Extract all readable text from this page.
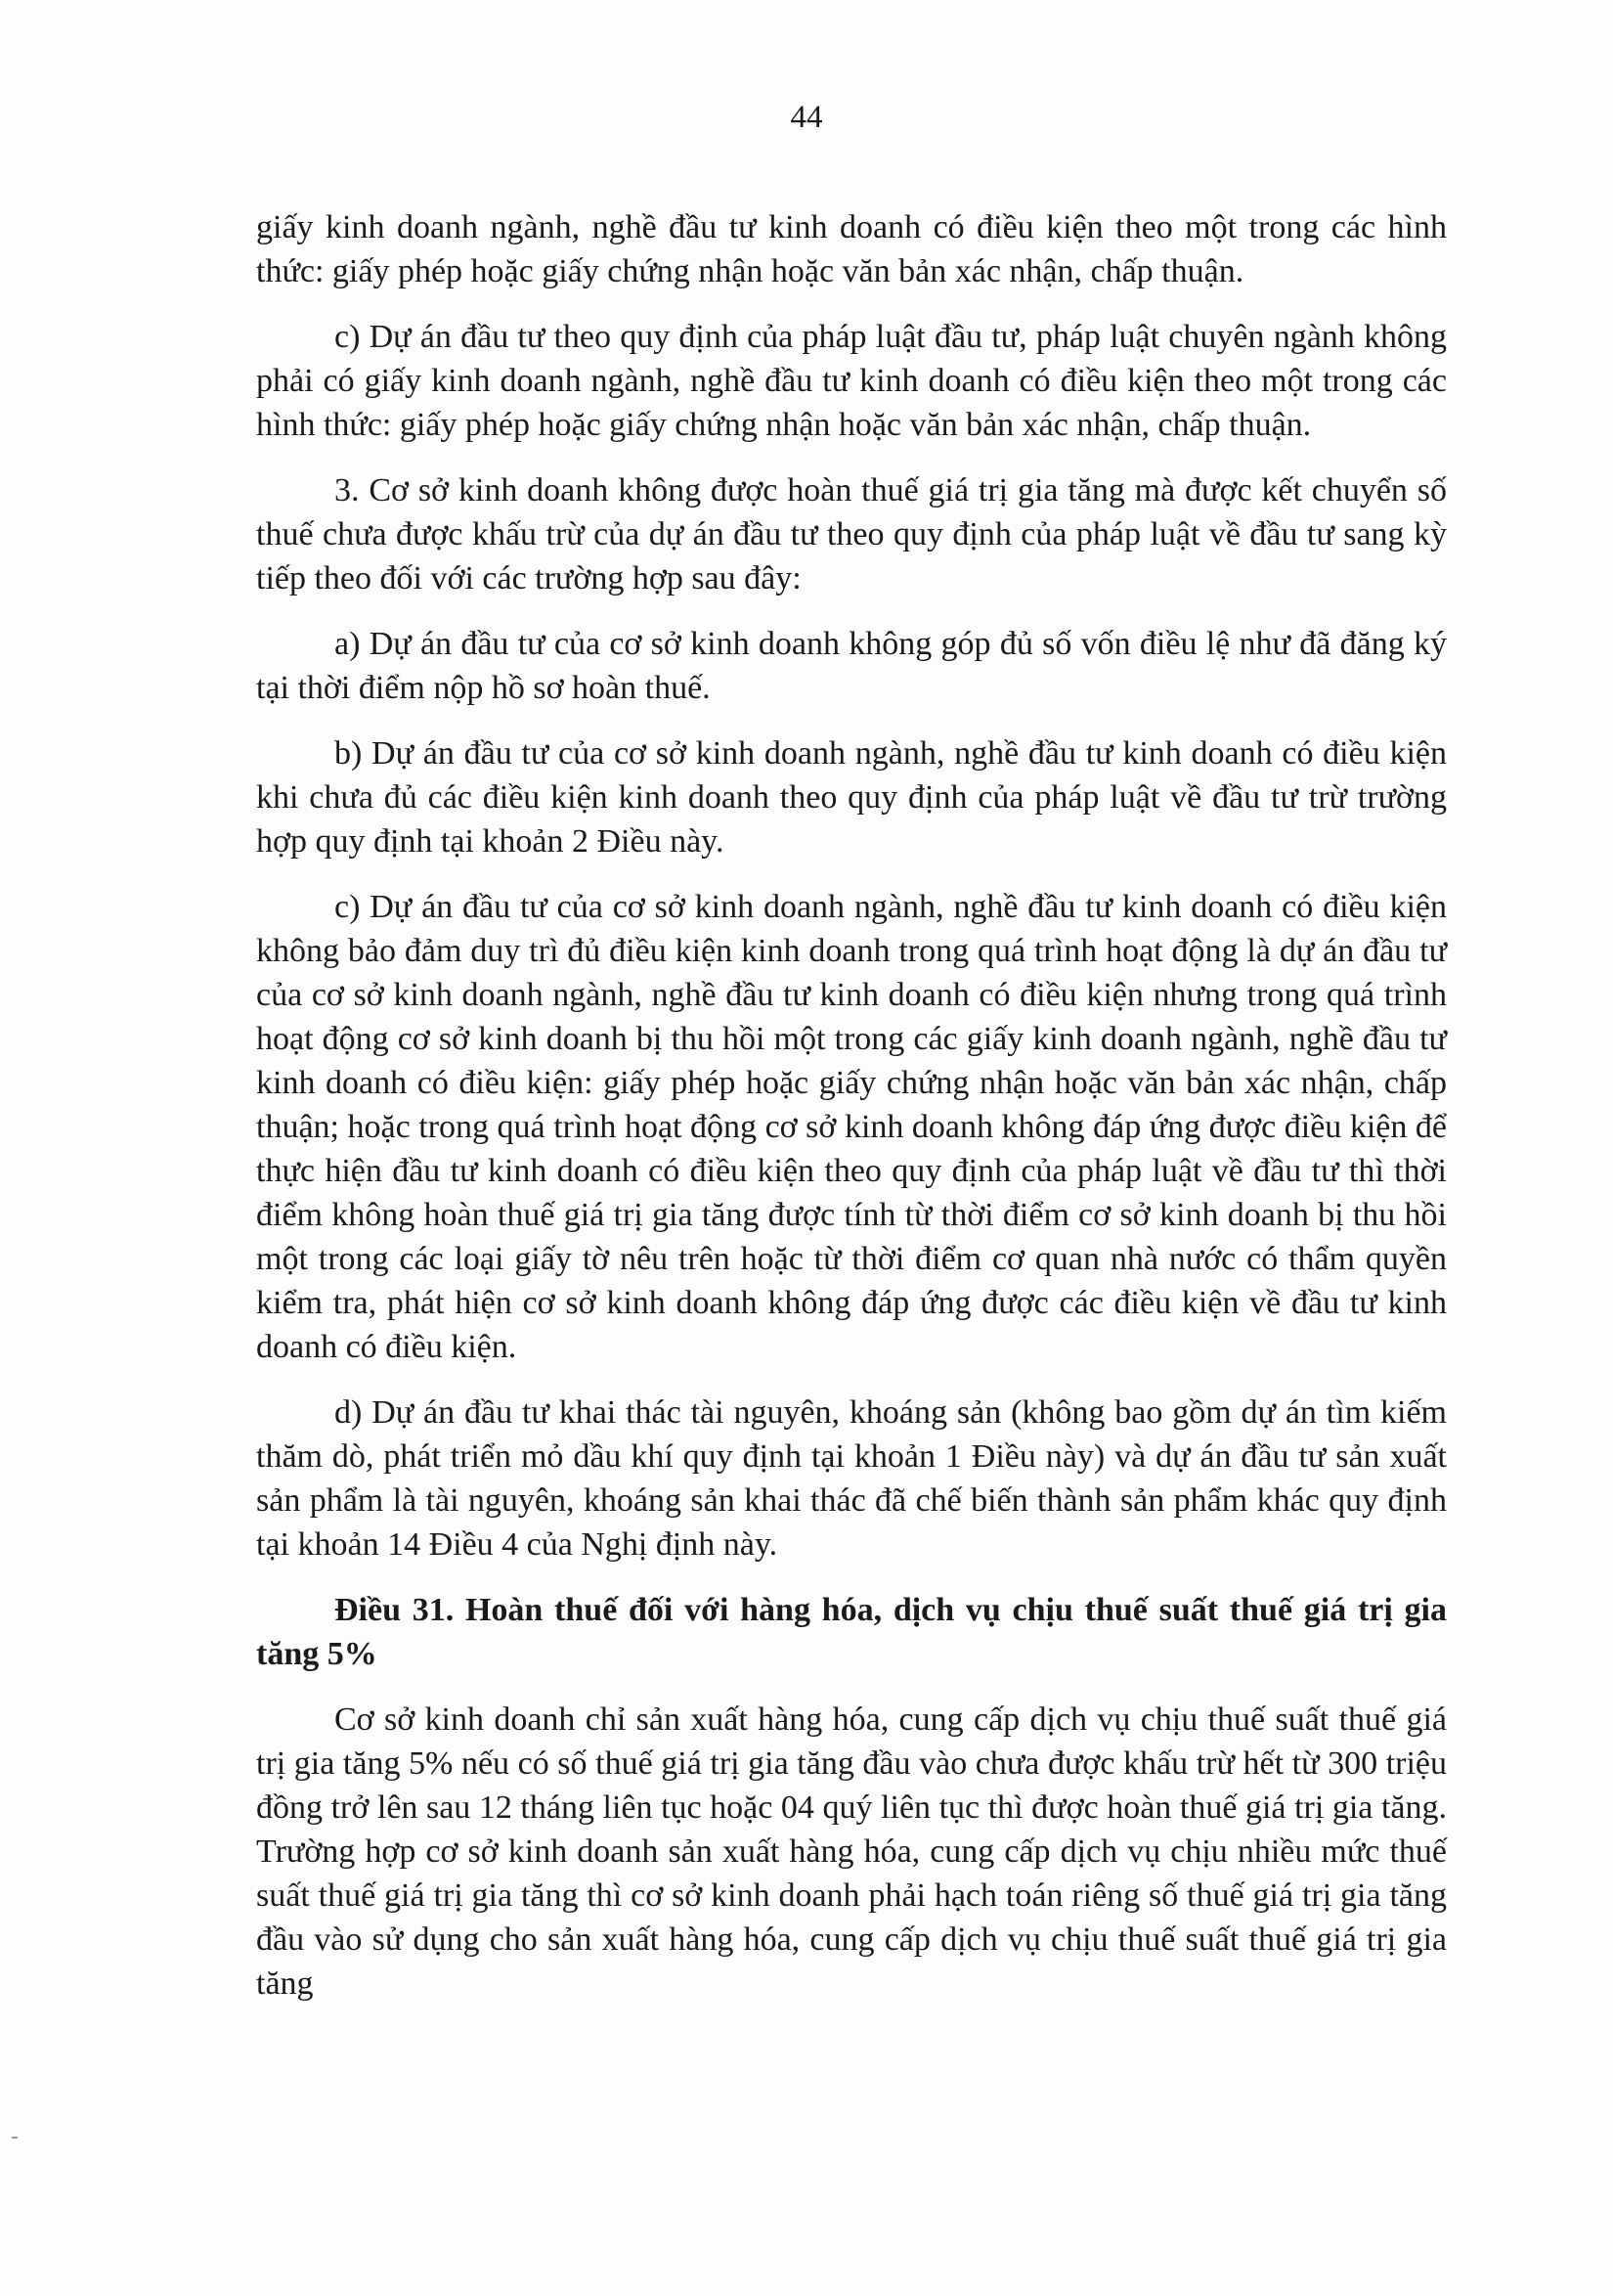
44

giấy kinh doanh ngành, nghề đầu tư kinh doanh có điều kiện theo một trong các hình thức: giấy phép hoặc giấy chứng nhận hoặc văn bản xác nhận, chấp thuận.

c) Dự án đầu tư theo quy định của pháp luật đầu tư, pháp luật chuyên ngành không phải có giấy kinh doanh ngành, nghề đầu tư kinh doanh có điều kiện theo một trong các hình thức: giấy phép hoặc giấy chứng nhận hoặc văn bản xác nhận, chấp thuận.

3. Cơ sở kinh doanh không được hoàn thuế giá trị gia tăng mà được kết chuyển số thuế chưa được khấu trừ của dự án đầu tư theo quy định của pháp luật về đầu tư sang kỳ tiếp theo đối với các trường hợp sau đây:

a) Dự án đầu tư của cơ sở kinh doanh không góp đủ số vốn điều lệ như đã đăng ký tại thời điểm nộp hồ sơ hoàn thuế.

b) Dự án đầu tư của cơ sở kinh doanh ngành, nghề đầu tư kinh doanh có điều kiện khi chưa đủ các điều kiện kinh doanh theo quy định của pháp luật về đầu tư trừ trường hợp quy định tại khoản 2 Điều này.

c) Dự án đầu tư của cơ sở kinh doanh ngành, nghề đầu tư kinh doanh có điều kiện không bảo đảm duy trì đủ điều kiện kinh doanh trong quá trình hoạt động là dự án đầu tư của cơ sở kinh doanh ngành, nghề đầu tư kinh doanh có điều kiện nhưng trong quá trình hoạt động cơ sở kinh doanh bị thu hồi một trong các giấy kinh doanh ngành, nghề đầu tư kinh doanh có điều kiện: giấy phép hoặc giấy chứng nhận hoặc văn bản xác nhận, chấp thuận; hoặc trong quá trình hoạt động cơ sở kinh doanh không đáp ứng được điều kiện để thực hiện đầu tư kinh doanh có điều kiện theo quy định của pháp luật về đầu tư thì thời điểm không hoàn thuế giá trị gia tăng được tính từ thời điểm cơ sở kinh doanh bị thu hồi một trong các loại giấy tờ nêu trên hoặc từ thời điểm cơ quan nhà nước có thẩm quyền kiểm tra, phát hiện cơ sở kinh doanh không đáp ứng được các điều kiện về đầu tư kinh doanh có điều kiện.

d) Dự án đầu tư khai thác tài nguyên, khoáng sản (không bao gồm dự án tìm kiếm thăm dò, phát triển mỏ dầu khí quy định tại khoản 1 Điều này) và dự án đầu tư sản xuất sản phẩm là tài nguyên, khoáng sản khai thác đã chế biến thành sản phẩm khác quy định tại khoản 14 Điều 4 của Nghị định này.

Điều 31. Hoàn thuế đối với hàng hóa, dịch vụ chịu thuế suất thuế giá trị gia tăng 5%

Cơ sở kinh doanh chỉ sản xuất hàng hóa, cung cấp dịch vụ chịu thuế suất thuế giá trị gia tăng 5% nếu có số thuế giá trị gia tăng đầu vào chưa được khấu trừ hết từ 300 triệu đồng trở lên sau 12 tháng liên tục hoặc 04 quý liên tục thì được hoàn thuế giá trị gia tăng. Trường hợp cơ sở kinh doanh sản xuất hàng hóa, cung cấp dịch vụ chịu nhiều mức thuế suất thuế giá trị gia tăng thì cơ sở kinh doanh phải hạch toán riêng số thuế giá trị gia tăng đầu vào sử dụng cho sản xuất hàng hóa, cung cấp dịch vụ chịu thuế suất thuế giá trị gia tăng
